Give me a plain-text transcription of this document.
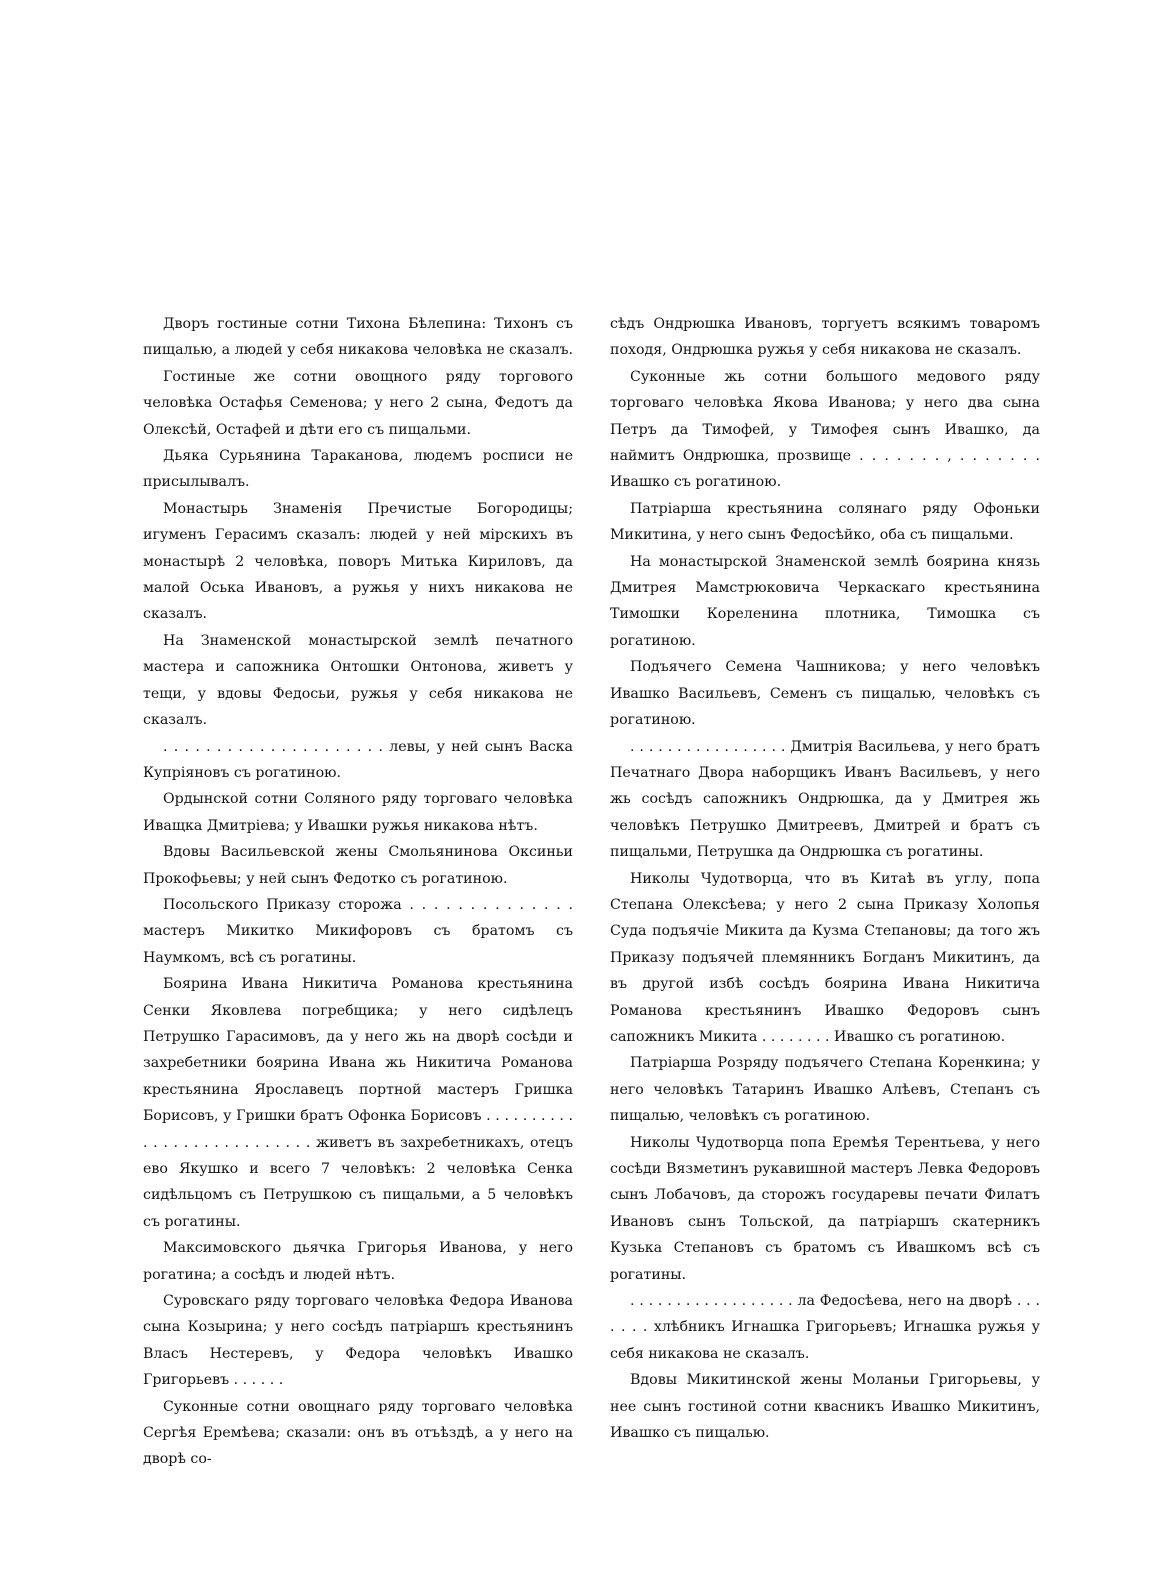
Дворъ гостиные сотни Тихона Бѣлепина: Тихонъ съ пищалью, а людей у себя никакова человѣка не сказалъ.

Гостиные же сотни овощного ряду торгового человѣка Остафья Семенова; у него 2 сына, Федотъ да Олексѣй, Остафей и дѣти его съ пищальми.

Дьяка Сурьянина Тараканова, людемъ росписи не присылывалъ.

Монастырь Знаменія Пречистые Богородицы; игуменъ Герасимъ сказалъ: людей у ней мірскихъ въ монастырѣ 2 человѣка, поворъ Митька Кириловъ, да малой Оська Ивановъ, а ружья у нихъ никакова не сказалъ.

На Знаменской монастырской землѣ печатного мастера и сапожника Онтошки Онтонова, живетъ у тещи, у вдовы Федосьи, ружья у себя никакова не сказалъ.

. . . . . . . . . . . . . . . . . . . . . левы, у ней сынъ Васка Купріяновъ съ рогатиною.

Ордынской сотни Соляного ряду торговаго человѣка Иващка Дмитріева; у Ивашки ружья никакова нѣтъ.

Вдовы Васильевской жены Смольянинова Оксиньи Прокофьевы; у ней сынъ Федотко съ рогатиною.

Посольского Приказу сторожа . . . . . . . . . . . . . . мастеръ Микитко Микифоровъ съ братомъ съ Наумкомъ, всѣ съ рогатины.

Боярина Ивана Никитича Романова крестьянина Сенки Яковлева погребщика; у него сидѣлецъ Петрушко Гарасимовъ, да у него жь на дворѣ сосѣди и захребетники боярина Ивана жь Никитича Романова крестьянина Ярославецъ портной мастеръ Гришка Борисовъ, у Гришки братъ Офонка Борисовъ . . . . . . . . . . . . . . . . . . . . . . . . . . . живетъ въ захребетникахъ, отецъ ево Якушко и всего 7 человѣкъ: 2 человѣка Сенка сидѣльцомъ съ Петрушкою съ пищальми, а 5 человѣкъ съ рогатины.

Максимовского дьячка Григорья Иванова, у него рогатина; а сосѣдъ и людей нѣтъ.

Суровскаго ряду торговаго человѣка Федора Иванова сына Козырина; у него сосѣдъ патріаршъ крестьянинъ Власъ Нестеревъ, у Федора человѣкъ Ивашко Григорьевъ . . . . . .

Суконные сотни овощнаго ряду торговаго человѣка Сергѣя Еремѣева; сказали: онъ въ отъѣздѣ, а у него на дворѣ со-

сѣдъ Ондрюшка Ивановъ, торгуетъ всякимъ товаромъ походя, Ондрюшка ружья у себя никакова не сказалъ.

Суконные жь сотни большого медового ряду торговаго человѣка Якова Иванова; у него два сына Петръ да Тимофей, у Тимофея сынъ Ивашко, да наймитъ Ондрюшка, прозвище . . . . . . . , . . . . . . . Ивашко съ рогатиною.

Патріарша крестьянина солянаго ряду Офоньки Микитина, у него сынъ Федосѣйко, оба съ пищальми.

На монастырской Знаменской землѣ боярина князь Дмитрея Мамстрюковича Черкаскаго крестьянина Тимошки Кореленина плотника, Тимошка съ рогатиною.

Подъячего Семена Чашникова; у него человѣкъ Ивашко Васильевъ, Семенъ съ пищалью, человѣкъ съ рогатиною.

. . . . . . . . . . . . . . . . . Дмитрія Васильева, у него братъ Печатнаго Двора наборщикъ Иванъ Васильевъ, у него жь сосѣдъ сапожникъ Ондрюшка, да у Дмитрея жь человѣкъ Петрушко Дмитреевъ, Дмитрей и братъ съ пищальми, Петрушка да Ондрюшка съ рогатины.

Николы Чудотворца, что въ Китаѣ въ углу, попа Степана Олексѣева; у него 2 сына Приказу Холопья Суда подъячіе Микита да Кузма Степановы; да того жъ Приказу подъячей племянникъ Богданъ Микитинъ, да въ другой избѣ сосѣдъ боярина Ивана Никитича Романова крестьянинъ Ивашко Федоровъ сынъ сапожникъ Микита . . . . . . . . Ивашко съ рогатиною.

Патріарша Розряду подъячего Степана Коренкина; у него человѣкъ Татаринъ Ивашко Алѣевъ, Степанъ съ пищалью, человѣкъ съ рогатиною.

Николы Чудотворца попа Еремѣя Терентьева, у него сосѣди Вязметинъ рукавишной мастеръ Левка Федоровъ сынъ Лобачовъ, да сторожъ государевы печати Филатъ Ивановъ сынъ Тольской, да патріаршъ скатерникъ Кузька Степановъ съ братомъ съ Ивашкомъ всѣ съ рогатины.

. . . . . . . . . . . . . . . . . . ла Федосѣева, него на дворѣ . . . . . . . хлѣбникъ Игнашка Григорьевъ; Игнашка ружья у себя никакова не сказалъ.

Вдовы Микитинской жены Моланьи Григорьевы, у нее сынъ гостиной сотни квасникъ Ивашко Микитинъ, Ивашко съ пищалью.
